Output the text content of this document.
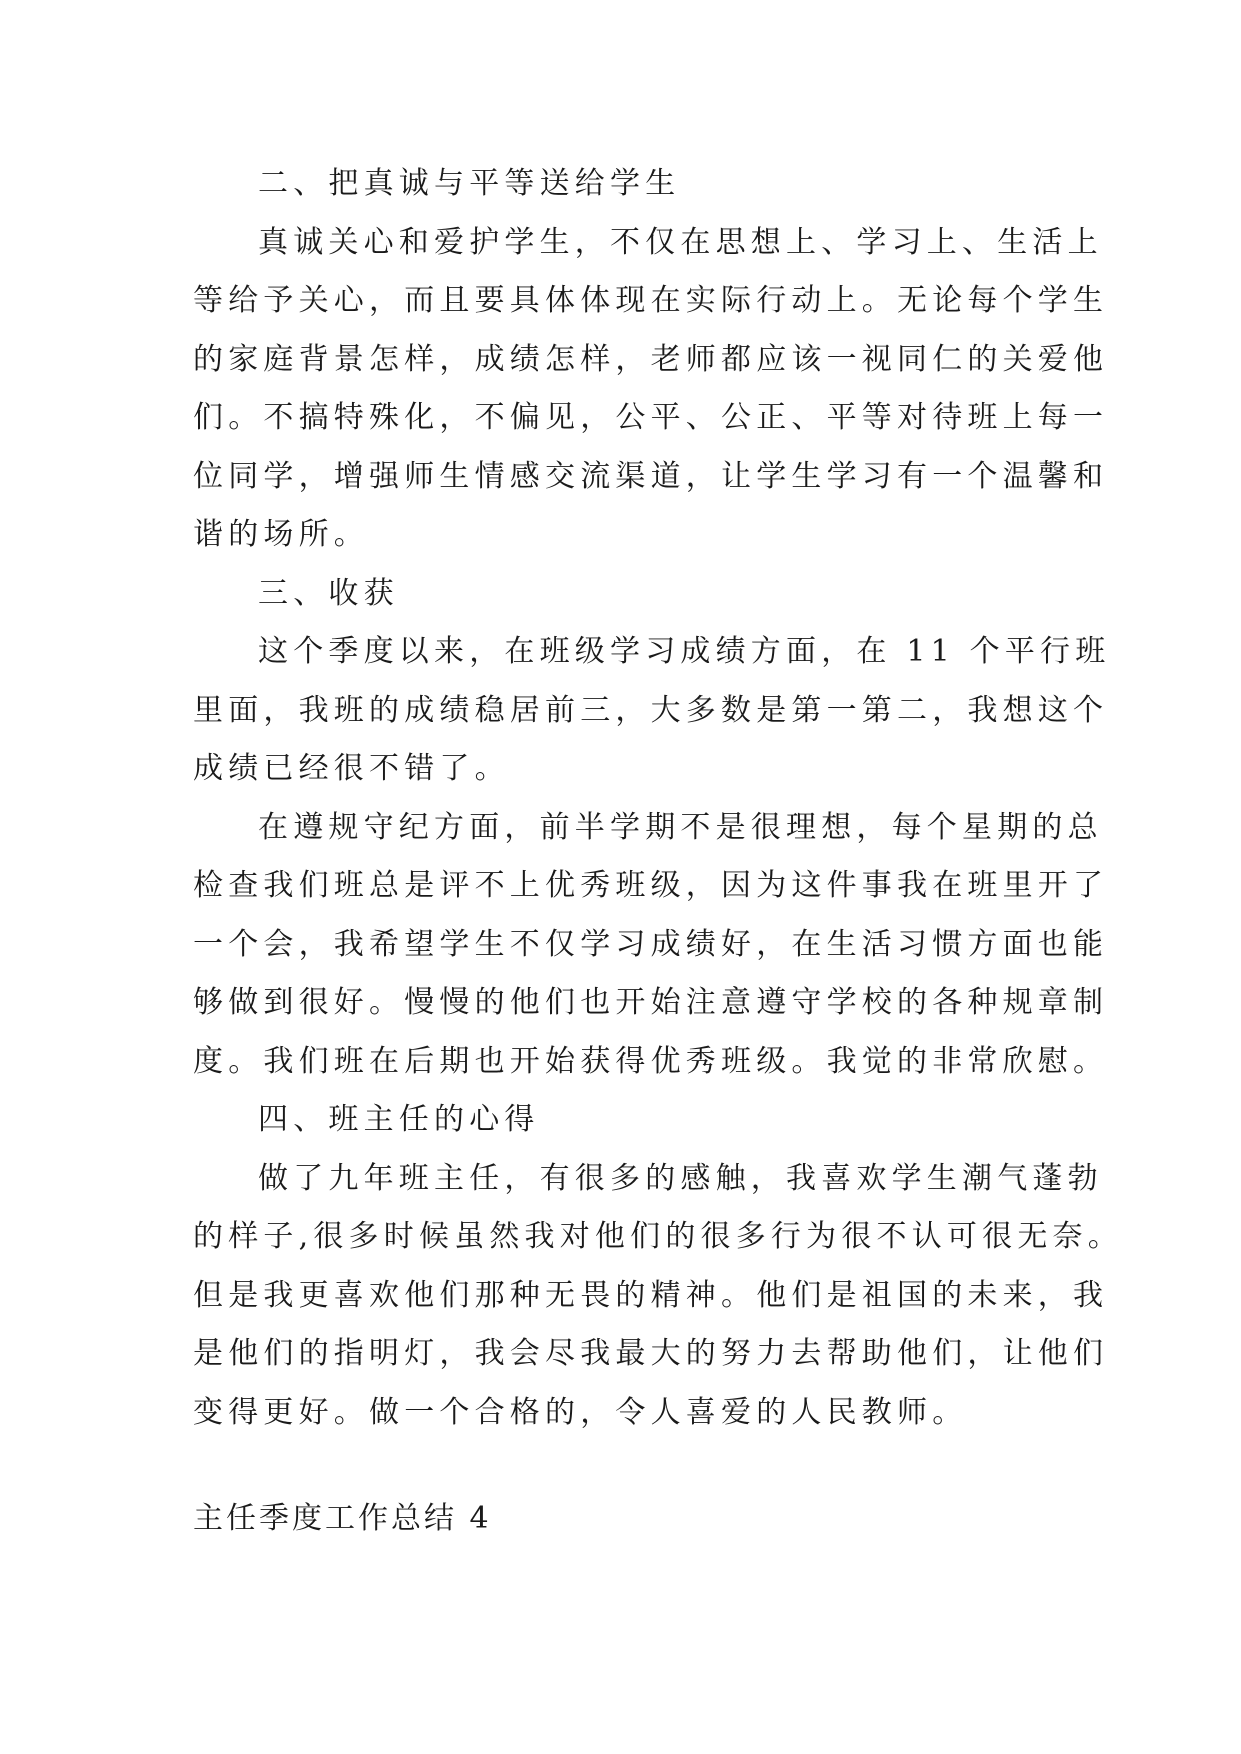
二、把真诚与平等送给学生

真诚关心和爱护学生，不仅在思想上、学习上、生活上

等给予关心，而且要具体体现在实际行动上。无论每个学生

的家庭背景怎样，成绩怎样，老师都应该一视同仁的关爱他

们。不搞特殊化，不偏见，公平、公正、平等对待班上每一

位同学，增强师生情感交流渠道，让学生学习有一个温馨和

谐的场所。

三、收获

这个季度以来，在班级学习成绩方面，在 11 个平行班

里面，我班的成绩稳居前三，大多数是第一第二，我想这个

成绩已经很不错了。

在遵规守纪方面，前半学期不是很理想，每个星期的总

检查我们班总是评不上优秀班级，因为这件事我在班里开了

一个会，我希望学生不仅学习成绩好，在生活习惯方面也能

够做到很好。慢慢的他们也开始注意遵守学校的各种规章制

度。我们班在后期也开始获得优秀班级。我觉的非常欣慰。

四、班主任的心得

做了九年班主任，有很多的感触，我喜欢学生潮气蓬勃

的样子,很多时候虽然我对他们的很多行为很不认可很无奈。

但是我更喜欢他们那种无畏的精神。他们是祖国的未来，我

是他们的指明灯，我会尽我最大的努力去帮助他们，让他们

变得更好。做一个合格的，令人喜爱的人民教师。

主任季度工作总结 4
